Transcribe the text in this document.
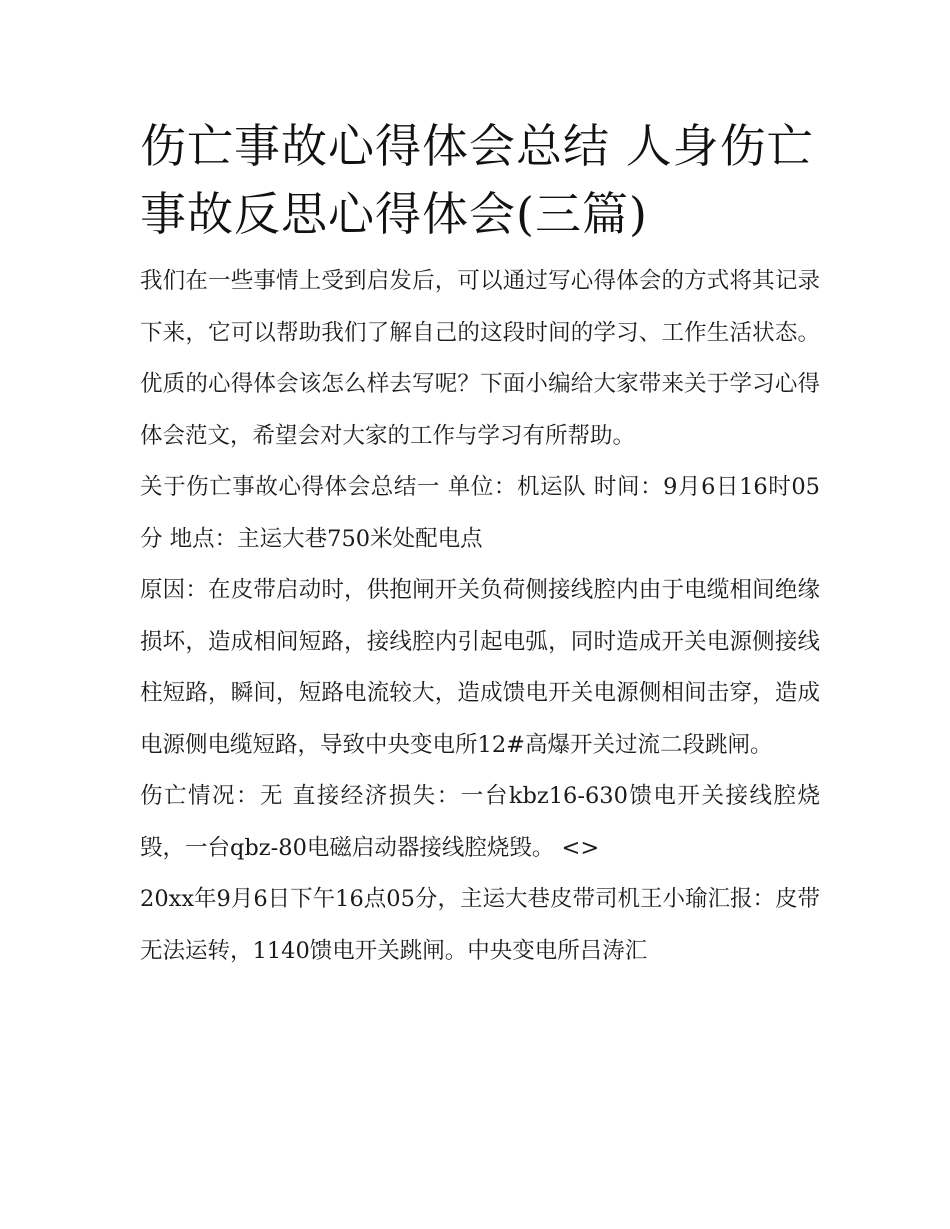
伤亡事故心得体会总结 人身伤亡事故反思心得体会(三篇)

我们在一些事情上受到启发后，可以通过写心得体会的方式将其记录下来，它可以帮助我们了解自己的这段时间的学习、工作生活状态。优质的心得体会该怎么样去写呢？下面小编给大家带来关于学习心得体会范文，希望会对大家的工作与学习有所帮助。

关于伤亡事故心得体会总结一 单位：机运队 时间：9月6日16时05分 地点：主运大巷750米处配电点

原因：在皮带启动时，供抱闸开关负荷侧接线腔内由于电缆相间绝缘损坏，造成相间短路，接线腔内引起电弧，同时造成开关电源侧接线柱短路，瞬间，短路电流较大，造成馈电开关电源侧相间击穿，造成电源侧电缆短路，导致中央变电所12#高爆开关过流二段跳闸。

伤亡情况：无 直接经济损失：一台kbz16-630馈电开关接线腔烧毁，一台qbz-80电磁启动器接线腔烧毁。 <>

20xx年9月6日下午16点05分，主运大巷皮带司机王小瑜汇报：皮带无法运转，1140馈电开关跳闸。中央变电所吕涛汇
